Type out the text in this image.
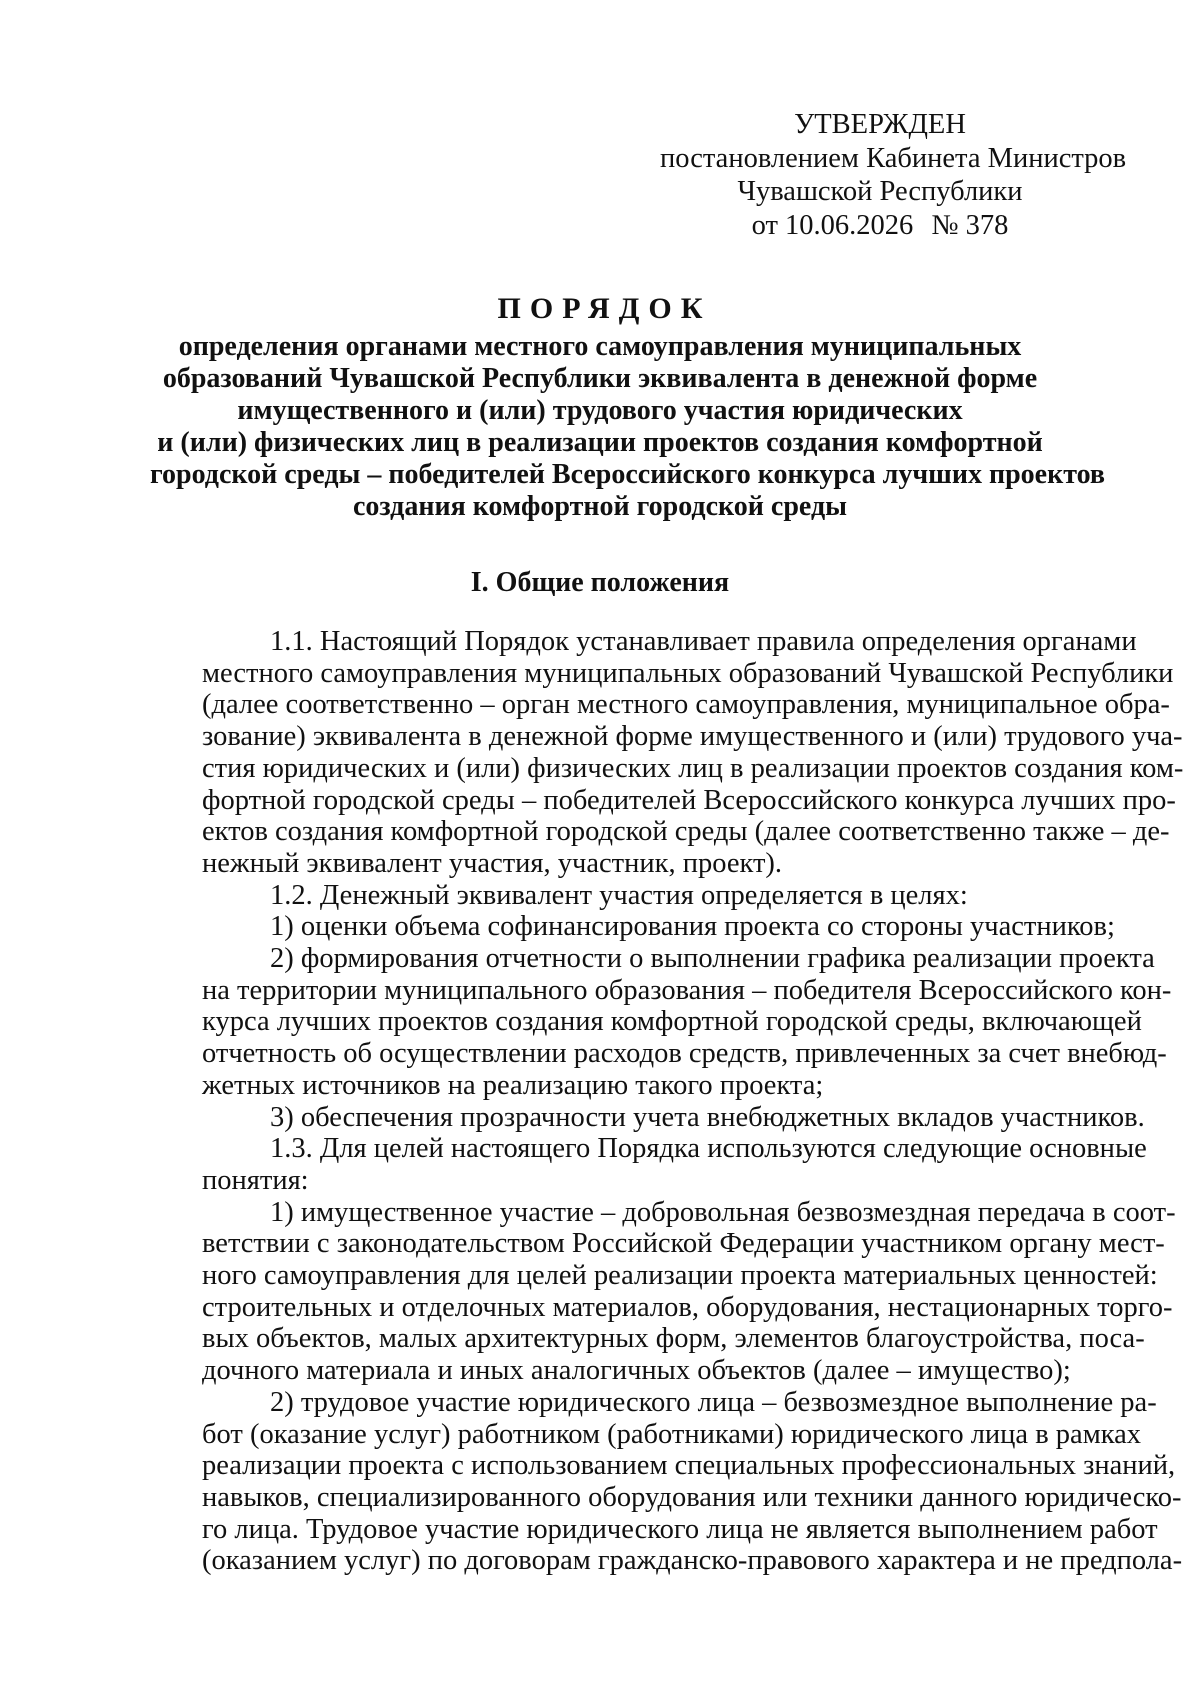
УТВЕРЖДЕН
постановлением Кабинета Министров
Чувашской Республики
от 10.06.2026 № 378
ПОРЯДОК
определения органами местного самоуправления муниципальных
образований Чувашской Республики эквивалента в денежной форме
имущественного и (или) трудового участия юридических
и (или) физических лиц в реализации проектов создания комфортной
городской среды – победителей Всероссийского конкурса лучших проектов
создания комфортной городской среды
I. Общие положения
1.1. Настоящий Порядок устанавливает правила определения органами
местного самоуправления муниципальных образований Чувашской Республики
(далее соответственно – орган местного самоуправления, муниципальное обра-
зование) эквивалента в денежной форме имущественного и (или) трудового уча-
стия юридических и (или) физических лиц в реализации проектов создания ком-
фортной городской среды – победителей Всероссийского конкурса лучших про-
ектов создания комфортной городской среды (далее соответственно также – де-
нежный эквивалент участия, участник, проект).
1.2. Денежный эквивалент участия определяется в целях:
1) оценки объема софинансирования проекта со стороны участников;
2) формирования отчетности о выполнении графика реализации проекта
на территории муниципального образования – победителя Всероссийского кон-
курса лучших проектов создания комфортной городской среды, включающей
отчетность об осуществлении расходов средств, привлеченных за счет внебюд-
жетных источников на реализацию такого проекта;
3) обеспечения прозрачности учета внебюджетных вкладов участников.
1.3. Для целей настоящего Порядка используются следующие основные
понятия:
1) имущественное участие – добровольная безвозмездная передача в соот-
ветствии с законодательством Российской Федерации участником органу мест-
ного самоуправления для целей реализации проекта материальных ценностей:
строительных и отделочных материалов, оборудования, нестационарных торго-
вых объектов, малых архитектурных форм, элементов благоустройства, поса-
дочного материала и иных аналогичных объектов (далее – имущество);
2) трудовое участие юридического лица – безвозмездное выполнение ра-
бот (оказание услуг) работником (работниками) юридического лица в рамках
реализации проекта с использованием специальных профессиональных знаний,
навыков, специализированного оборудования или техники данного юридическо-
го лица. Трудовое участие юридического лица не является выполнением работ
(оказанием услуг) по договорам гражданско-правового характера и не предпола-
